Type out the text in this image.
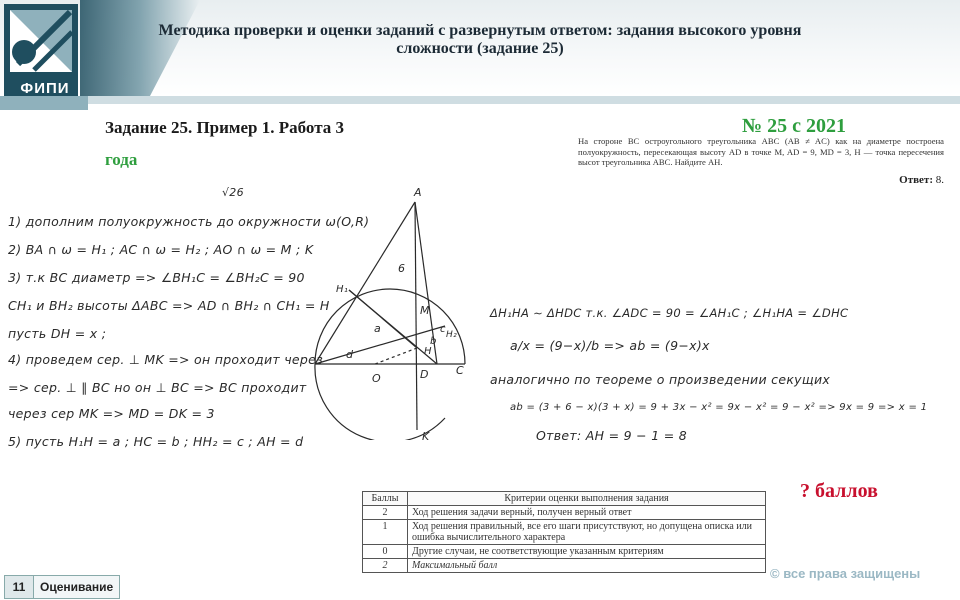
ФИПИ
Методика проверки и оценки заданий с развернутым ответом: задания высокого уровня сложности (задание 25)
Задание 25. Пример 1. Работа 3
года
№ 25 с 2021
На стороне BC остроугольного треугольника ABC (AB ≠ AC) как на диаметре построена полуокружность, пересекающая высоту AD в точке M, AD = 9, MD = 3, H — точка пересечения высот треугольника ABC. Найдите AH.
Ответ: 8.
√26
1) дополним полуокружность до окружности ω(O,R)
2) BA ∩ ω = H₁ ; AC ∩ ω = H₂ ; AO ∩ ω = M ; K
3) т.к BC диаметр => ∠BH₁C = ∠BH₂C = 90
CH₁ и BH₂ высоты ΔABC => AD ∩ BH₂ ∩ CH₁ = H
пусть DH = x ;
4) проведем сер. ⊥ MK => он проходит через
=> сер. ⊥ ∥ BC но он ⊥ BC => BC проходит
через сер MK => MD = DK = 3
5) пусть H₁H = a ; HC = b ; HH₂ = c ; AH = d
A
M
K
D C
O
H
6
a
b
d
c
H₁
H₂
ΔH₁HA ∼ ΔHDC т.к. ∠ADC = 90 = ∠AH₁C ; ∠H₁HA = ∠DHC
a/x = (9−x)/b => ab = (9−x)x
аналогично по теореме о произведении секущих
ab = (3 + 6 − x)(3 + x) = 9 + 3x − x² = 9x − x² = 9 − x² => 9x = 9 => x = 1
Ответ: AH = 9 − 1 = 8
? баллов
Баллы	Критерии оценки выполнения задания
2	Ход решения задачи верный, получен верный ответ
1	Ход решения правильный, все его шаги присутствуют, но допущена описка или ошибка вычислительного характера
0	Другие случаи, не соответствующие указанным критериям
2	Максимальный балл
11	Оценивание
© все права защищены
